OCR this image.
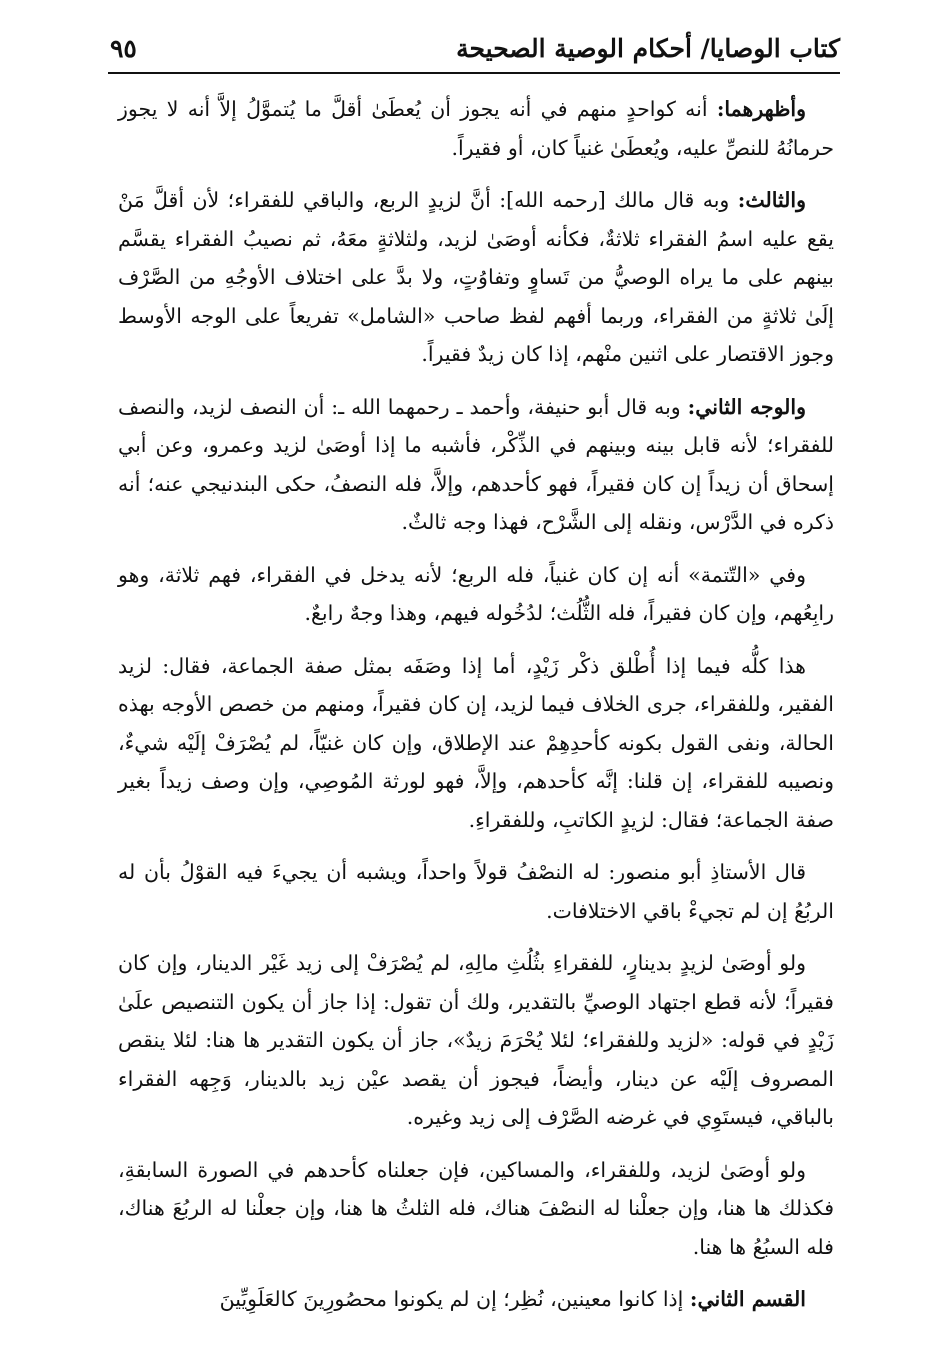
كتاب الوصايا/ أحكام الوصية الصحيحة
٩٥

وأظهرهما: أنه كواحدٍ منهم في أنه يجوز أن يُعطَىٰ أقلَّ ما يُتموَّلُ إلاَّ أنه لا يجوز حرمانُهُ للنصِّ عليه، ويُعطَىٰ غنياً كان، أو فقيراً.

والثالث: وبه قال مالك [رحمه الله]: أنَّ لزيدٍ الربع، والباقي للفقراء؛ لأن أقلَّ مَنْ يقع عليه اسمُ الفقراء ثلاثةٌ، فكأنه أوصَىٰ لزيد، ولثلاثةٍ معَهُ، ثم نصيبُ الفقراء يقسَّم بينهم على ما يراه الوصيُّ من تَساوٍ وتفاوُتٍ، ولا بدَّ على اختلاف الأوجُهِ من الصَّرْف إلَىٰ ثلاثةٍ من الفقراء، وربما أفهم لفظ صاحب «الشامل» تفريعاً على الوجه الأوسط وجوز الاقتصار على اثنين منْهم، إذا كان زيدٌ فقيراً.

والوجه الثاني: وبه قال أبو حنيفة، وأحمد ـ رحمهما الله ـ: أن النصف لزيد، والنصف للفقراء؛ لأنه قابل بينه وبينهم في الذِّكْر، فأشبه ما إذا أوصَىٰ لزيد وعمرو، وعن أبي إسحاق أن زيداً إن كان فقيراً، فهو كأحدهم، وإلاَّ، فله النصفُ، حكى البندنيجي عنه؛ أنه ذكره في الدَّرْس، ونقله إلى الشَّرْح، فهذا وجه ثالثٌ.

وفي «التّتمة» أنه إن كان غنياً، فله الربع؛ لأنه يدخل في الفقراء، فهم ثلاثة، وهو رابِعُهم، وإن كان فقيراً، فله الثُّلُث؛ لدُخُوله فيهم، وهذا وجهٌ رابعٌ.

هذا كلُّه فيما إذا أُطْلق ذكْر زَيْدٍ، أما إذا وصَفَه بمثل صفة الجماعة، فقال: لزيد الفقير، وللفقراء، جرى الخلاف فيما لزيد، إن كان فقيراً، ومنهم من خصص الأوجه بهذه الحالة، ونفى القول بكونه كأحدِهِمْ عند الإطلاق، وإن كان غنيّاً، لم يُصْرَفْ إلَيْه شيءٌ، ونصيبه للفقراء، إن قلنا: إنَّه كأحدهم، وإلاَّ، فهو لورثة المُوصِي، وإن وصف زيداً بغير صفة الجماعة؛ فقال: لزيدٍ الكاتبِ، وللفقراءِ.

قال الأستاذِ أبو منصور: له النصْفُ قولاً واحداً، ويشبه أن يجيءَ فيه القوْلُ بأن له الربُعُ إن لم تجيءْ باقي الاختلافات.

ولو أوصَىٰ لزيدٍ بدينارٍ، للفقراءِ بثُلُثِ مالِهِ، لم يُصْرَفْ إلى زيد غَيْر الدينار، وإن كان فقيراً؛ لأنه قطع اجتهاد الوصيِّ بالتقدير، ولك أن تقول: إذا جاز أن يكون التنصيص علَىٰ زَيْدٍ في قوله: «لزيد وللفقراء؛ لئلا يُحْرَمَ زيدٌ»، جاز أن يكون التقدير ها هنا: لئلا ينقص المصروف إلَيْه عن دينار، وأيضاً، فيجوز أن يقصد عيْن زيد بالدينار، وَجِهه الفقراء بالباقي، فيستَوِي في غرضه الصَّرْف إلى زيد وغيره.

ولو أوصَىٰ لزيد، وللفقراء، والمساكين، فإن جعلناه كأحدهم في الصورة السابقةِ، فكذلك ها هنا، وإن جعلْنا له النصْفَ هناك، فله الثلثُ ها هنا، وإن جعلْنا له الربُعَ هناك، فله السبُعُ ها هنا.

القسم الثاني: إذا كانوا معينين، نُظِر؛ إن لم يكونوا محصُورِينَ كالعَلَوِيِّينَ
